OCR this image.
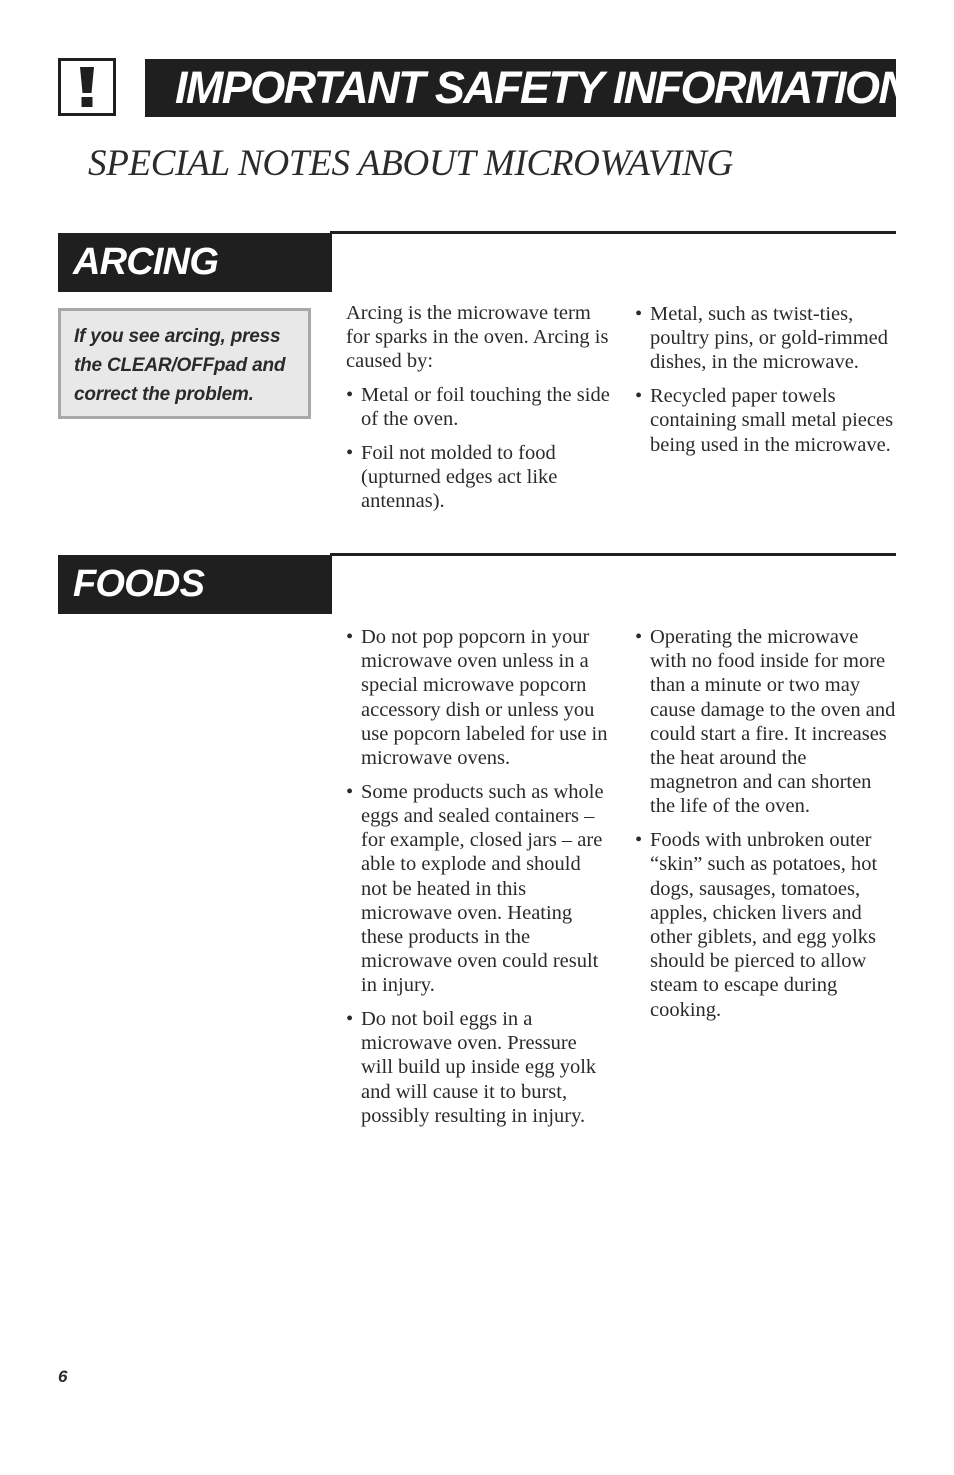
IMPORTANT SAFETY INFORMATION
SPECIAL NOTES ABOUT MICROWAVING
ARCING
If you see arcing, press the CLEAR/OFFpad and correct the problem.

Arcing is the microwave term for sparks in the oven. Arcing is caused by:

• Metal or foil touching the side of the oven.
• Foil not molded to food (upturned edges act like antennas).
• Metal, such as twist-ties, poultry pins, or gold-rimmed dishes, in the microwave.
• Recycled paper towels containing small metal pieces being used in the microwave.
FOODS
• Do not pop popcorn in your microwave oven unless in a special microwave popcorn accessory dish or unless you use popcorn labeled for use in microwave ovens.
• Some products such as whole eggs and sealed containers – for example, closed jars – are able to explode and should not be heated in this microwave oven. Heating these products in the microwave oven could result in injury.
• Do not boil eggs in a microwave oven. Pressure will build up inside egg yolk and will cause it to burst, possibly resulting in injury.
• Operating the microwave with no food inside for more than a minute or two may cause damage to the oven and could start a fire. It increases the heat around the magnetron and can shorten the life of the oven.
• Foods with unbroken outer “skin” such as potatoes, hot dogs, sausages, tomatoes, apples, chicken livers and other giblets, and egg yolks should be pierced to allow steam to escape during cooking.
6
